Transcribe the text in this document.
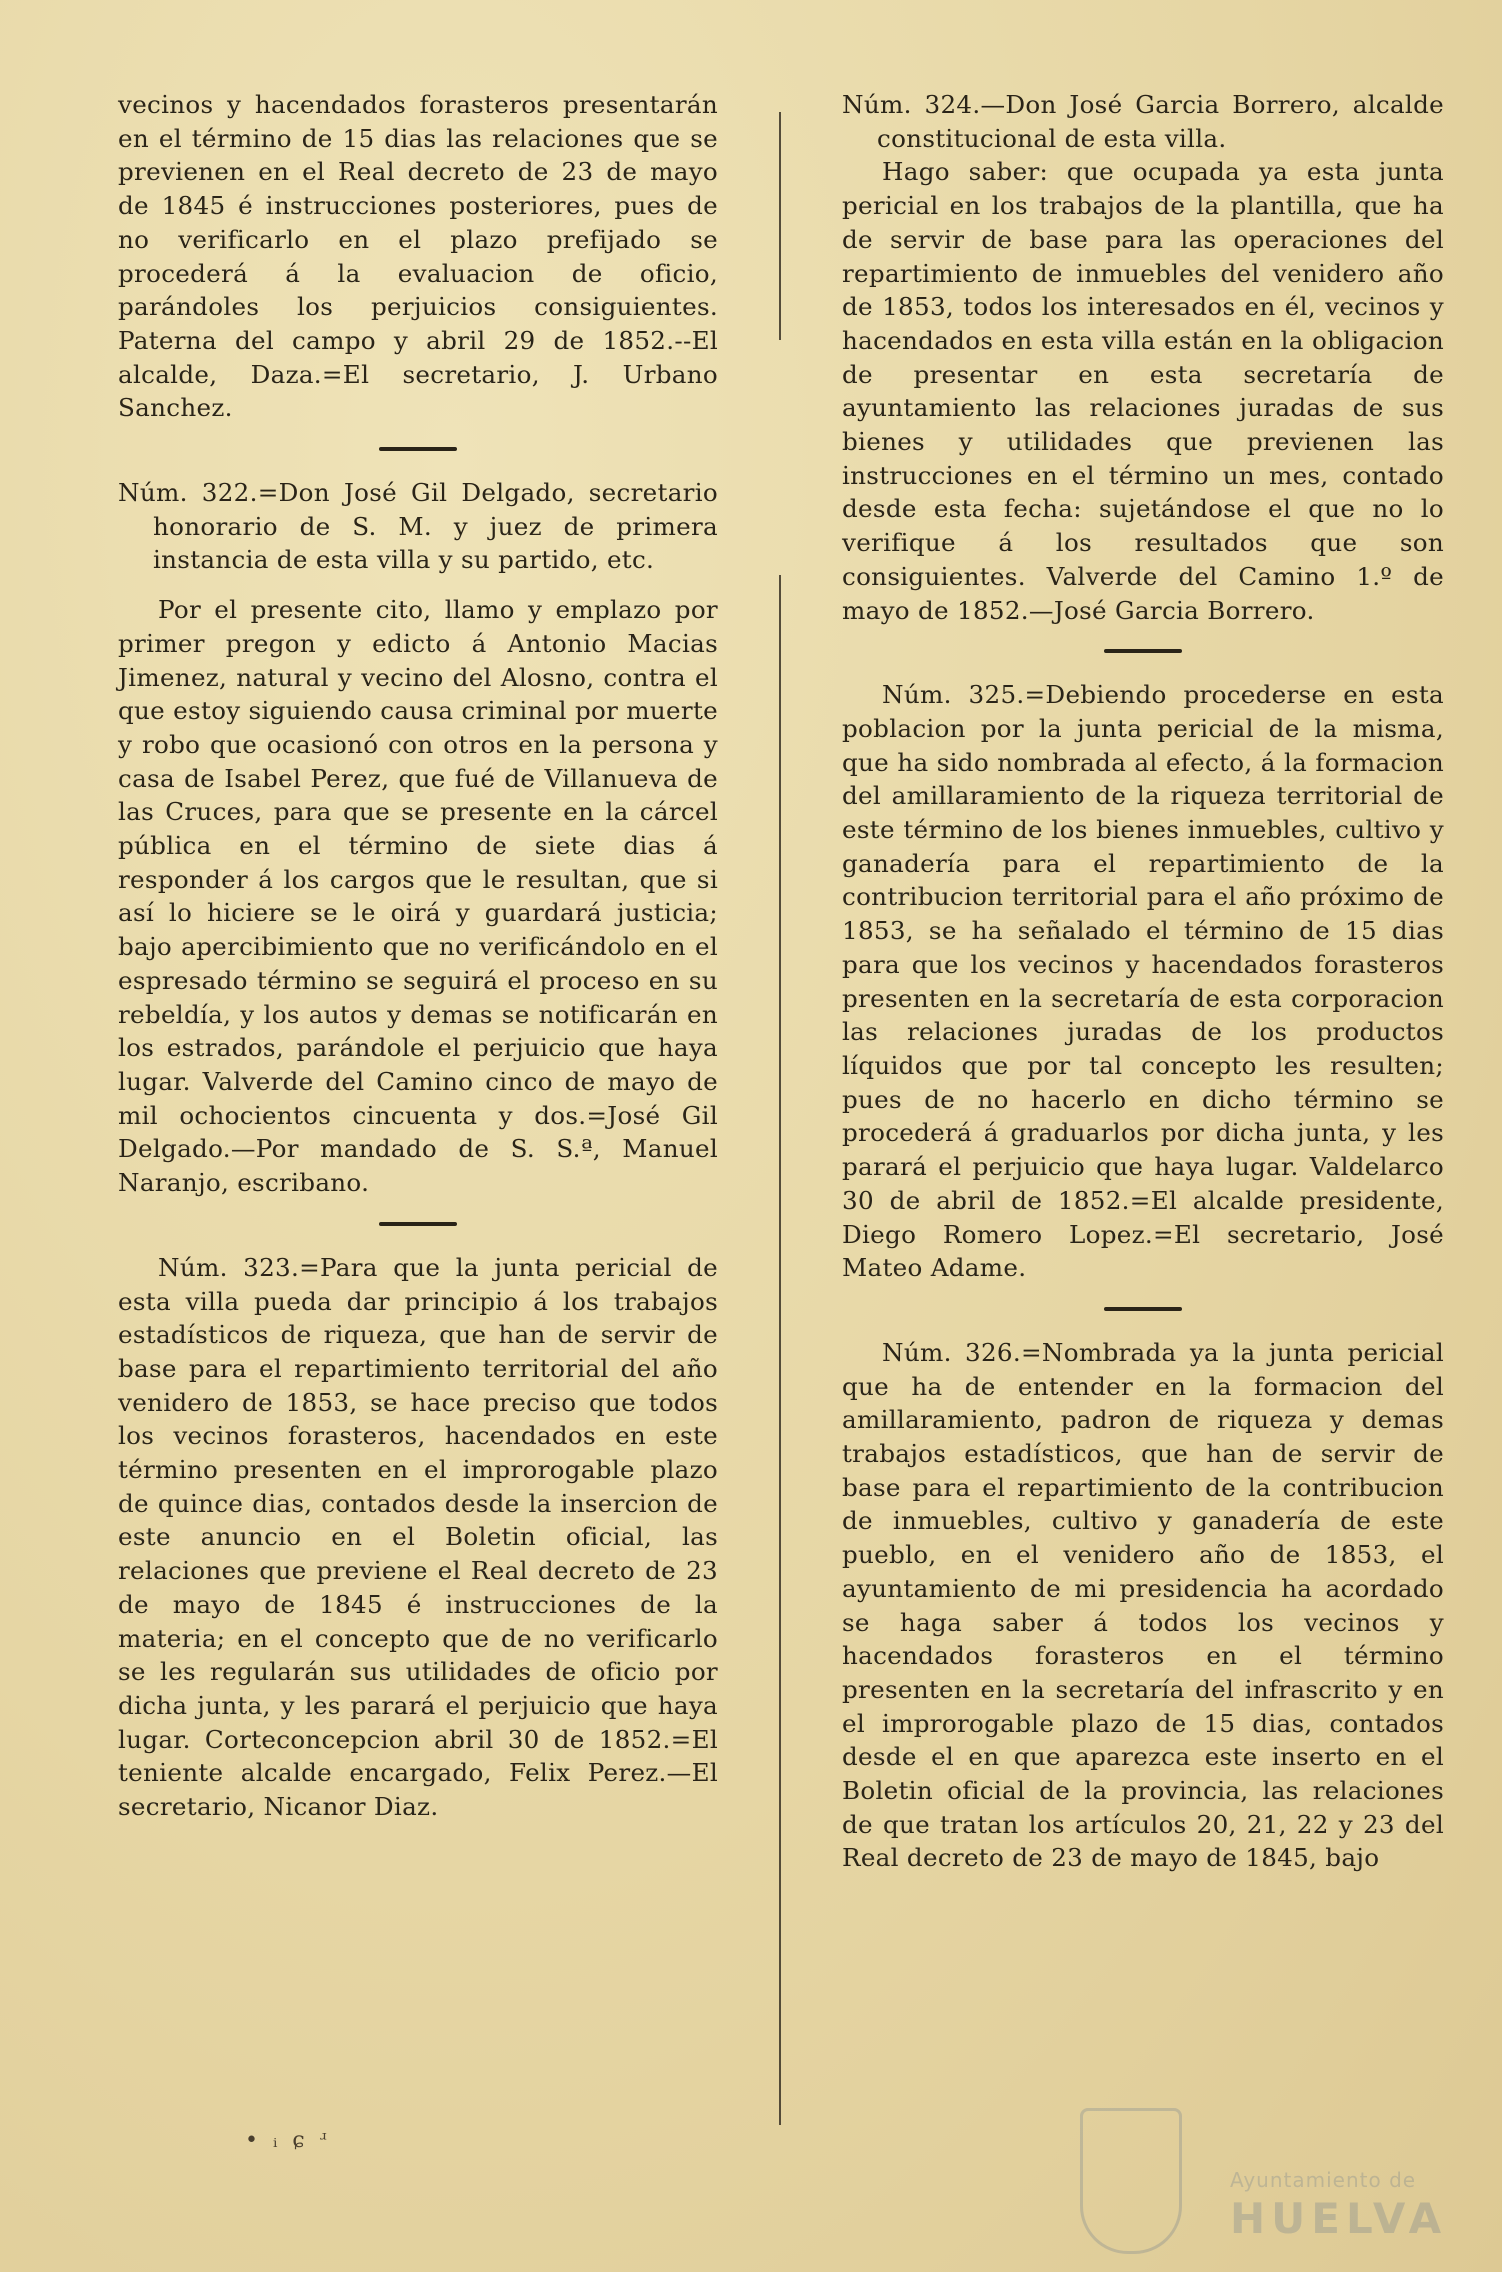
vecinos y hacendados forasteros presentarán en el término de 15 dias las relaciones que se previenen en el Real decreto de 23 de mayo de 1845 é instrucciones posteriores, pues de no verificarlo en el plazo prefijado se procederá á la evaluacion de oficio, parándoles los perjuicios consiguientes. Paterna del campo y abril 29 de 1852.--El alcalde, Daza.=El secretario, J. Urbano Sanchez.

Núm. 322.=Don José Gil Delgado, secretario honorario de S. M. y juez de primera instancia de esta villa y su partido, etc.

Por el presente cito, llamo y emplazo por primer pregon y edicto á Antonio Macias Jimenez, natural y vecino del Alosno, contra el que estoy siguiendo causa criminal por muerte y robo que ocasionó con otros en la persona y casa de Isabel Perez, que fué de Villanueva de las Cruces, para que se presente en la cárcel pública en el término de siete dias á responder á los cargos que le resultan, que si así lo hiciere se le oirá y guardará justicia; bajo apercibimiento que no verificándolo en el espresado término se seguirá el proceso en su rebeldía, y los autos y demas se notificarán en los estrados, parándole el perjuicio que haya lugar. Valverde del Camino cinco de mayo de mil ochocientos cincuenta y dos.=José Gil Delgado.—Por mandado de S. S.ª, Manuel Naranjo, escribano.

Núm. 323.=Para que la junta pericial de esta villa pueda dar principio á los trabajos estadísticos de riqueza, que han de servir de base para el repartimiento territorial del año venidero de 1853, se hace preciso que todos los vecinos forasteros, hacendados en este término presenten en el improrogable plazo de quince dias, contados desde la insercion de este anuncio en el Boletin oficial, las relaciones que previene el Real decreto de 23 de mayo de 1845 é instrucciones de la materia; en el concepto que de no verificarlo se les regularán sus utilidades de oficio por dicha junta, y les parará el perjuicio que haya lugar. Corteconcepcion abril 30 de 1852.=El teniente alcalde encargado, Felix Perez.—El secretario, Nicanor Diaz.

• ᵢ ɕ ʴ

Núm. 324.—Don José Garcia Borrero, alcalde constitucional de esta villa.

Hago saber: que ocupada ya esta junta pericial en los trabajos de la plantilla, que ha de servir de base para las operaciones del repartimiento de inmuebles del venidero año de 1853, todos los interesados en él, vecinos y hacendados en esta villa están en la obligacion de presentar en esta secretaría de ayuntamiento las relaciones juradas de sus bienes y utilidades que previenen las instrucciones en el término un mes, contado desde esta fecha: sujetándose el que no lo verifique á los resultados que son consiguientes. Valverde del Camino 1.º de mayo de 1852.—José Garcia Borrero.

Núm. 325.=Debiendo procederse en esta poblacion por la junta pericial de la misma, que ha sido nombrada al efecto, á la formacion del amillaramiento de la riqueza territorial de este término de los bienes inmuebles, cultivo y ganadería para el repartimiento de la contribucion territorial para el año próximo de 1853, se ha señalado el término de 15 dias para que los vecinos y hacendados forasteros presenten en la secretaría de esta corporacion las relaciones juradas de los productos líquidos que por tal concepto les resulten; pues de no hacerlo en dicho término se procederá á graduarlos por dicha junta, y les parará el perjuicio que haya lugar. Valdelarco 30 de abril de 1852.=El alcalde presidente, Diego Romero Lopez.=El secretario, José Mateo Adame.

Núm. 326.=Nombrada ya la junta pericial que ha de entender en la formacion del amillaramiento, padron de riqueza y demas trabajos estadísticos, que han de servir de base para el repartimiento de la contribucion de inmuebles, cultivo y ganadería de este pueblo, en el venidero año de 1853, el ayuntamiento de mi presidencia ha acordado se haga saber á todos los vecinos y hacendados forasteros en el término presenten en la secretaría del infrascrito y en el improrogable plazo de 15 dias, contados desde el en que aparezca este inserto en el Boletin oficial de la provincia, las relaciones de que tratan los artículos 20, 21, 22 y 23 del Real decreto de 23 de mayo de 1845, bajo

Ayuntamiento de
HUELVA
